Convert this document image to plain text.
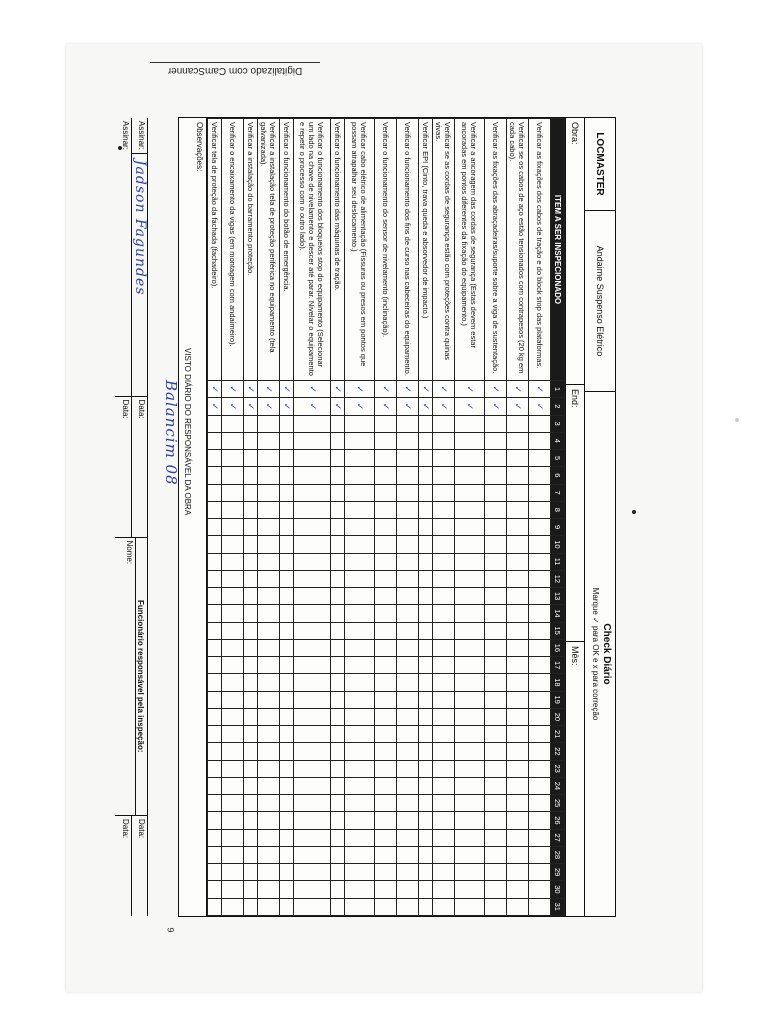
Digitalizado com CamScanner
9
LOCMASTER
Andaime Suspenso Elétrico
Check Diário
Marque ✓ para OK e x para correção
Obra:
End:
Mês:
ITEM A SER INSPECIONADO	1	2	3	4	5	6	7	8	9	10	11	12	13	14	15	16	17	18	19	20	21	22	23	24	25	26	27	28	29	30	31
Verificar as fixações dos cabos de tração e do block stop das plataformas.	✓	✓																													
Verificar se os cabos de aço estão tensionados com contrapesos (20 kg em cada cabo).	✓	✓																													
Verificar as fixações das abraçadeiras/suporte sobre a viga de sustentação.	✓	✓																													
Verificar a ancoragem das cordas de segurança (Estas devem estar ancoradas em pontos diferentes da fixação do equipamento.)	✓	✓																													
Verificar se as cordas de segurança estão com proteções contra quinas vivas.	✓	✓																													
Verificar EPI (Cinto, trava queda e absorvedor de impacto.)	✓	✓																													
Verificar o funcionamento dos fins de curso nas cabeceiras do equipamento.	✓	✓																													
Verificar o funcionamento do sensor de nivelamento (inclinação).	✓	✓																													
Verificar cabo elétrico de alimentação (Fissuras ou presos em pontos que possam atrapalhar seu deslocamento.)	✓	✓																													
Verificar o funcionamento das máquinas de tração.	✓	✓																													
Verificar o funcionamento dos bloqueios stop do equipamento (Selecionar um lado na chave de nivelamento e descer até parar. Nivelar o equipamento e repetir o processo com o outro lado).	✓	✓																													
Verificar o funcionamento do botão de emergência.	✓	✓																													
Verificar a instalação tela de proteção periférica no equipamento (tela galvanizada).	✓	✓																													
Verificar a instalação do barramento proteção.	✓	✓																													
Verificar o encaixamento da vigas (em montagem com andaimeiro).	✓	✓																													
Verificar tela de proteção da fachada (fachadeiro).	✓	✓																													
Observações:
VISTO DIÁRIO DO RESPONSÁVEL DA OBRA
Balancim 08
Assinar:
Jadson Fagundes
Assinar:
Data:
Data:
Funcionário responsável pela inspeção:
Nome:
Data:
Data:
